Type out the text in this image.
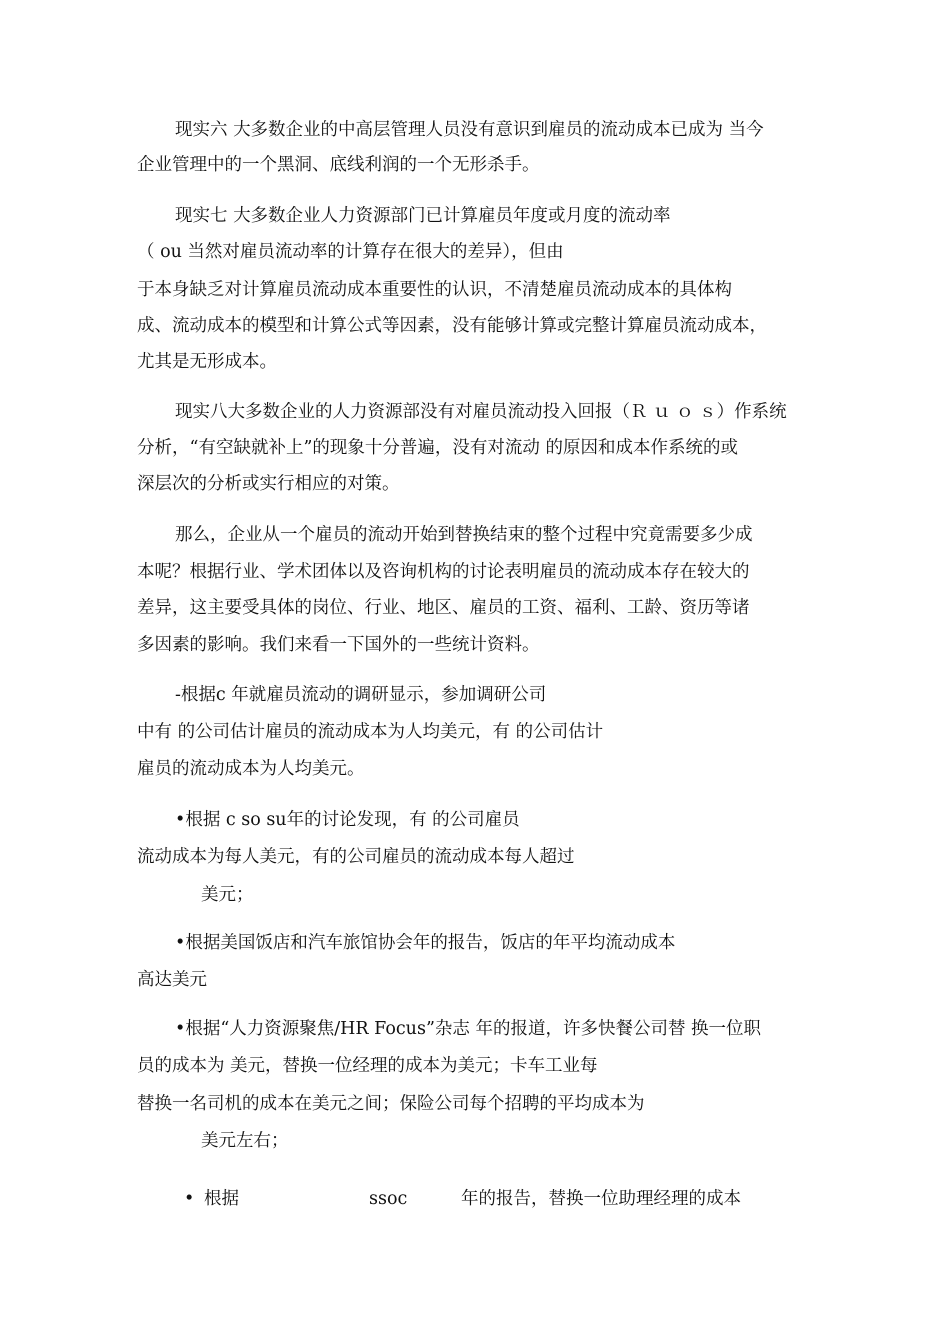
现实六 大多数企业的中高层管理人员没有意识到雇员的流动成本已成为 当今
企业管理中的一个黑洞、底线利润的一个无形杀手。
现实七 大多数企业人力资源部门已计算雇员年度或月度的流动率
（ ou 当然对雇员流动率的计算存在很大的差异），但由
于本身缺乏对计算雇员流动成本重要性的认识，不清楚雇员流动成本的具体构
成、流动成本的模型和计算公式等因素，没有能够计算或完整计算雇员流动成本，
尤其是无形成本。
现实八大多数企业的人力资源部没有对雇员流动投入回报（Ｒ ｕ ｏ ｓ）作系统
分析，“有空缺就补上”的现象十分普遍，没有对流动 的原因和成本作系统的或
深层次的分析或实行相应的对策。
那么，企业从一个雇员的流动开始到替换结束的整个过程中究竟需要多少成
本呢？根据行业、学术团体以及咨询机构的讨论表明雇员的流动成本存在较大的
差异，这主要受具体的岗位、行业、地区、雇员的工资、福利、工龄、资历等诸
多因素的影响。我们来看一下国外的一些统计资料。
-根据c 年就雇员流动的调研显示，参加调研公司
中有 的公司估计雇员的流动成本为人均美元，有 的公司估计
雇员的流动成本为人均美元。
•根据 c so su年的讨论发现，有 的公司雇员
流动成本为每人美元，有的公司雇员的流动成本每人超过
美元；
•根据美国饭店和汽车旅馆协会年的报告，饭店的年平均流动成本
高达美元
•根据“人力资源聚焦/HR Focus”杂志 年的报道，许多快餐公司替 换一位职
员的成本为 美元，替换一位经理的成本为美元；卡车工业每
替换一名司机的成本在美元之间；保险公司每个招聘的平均成本为
美元左右；
• 根据	ssoc	年的报告，替换一位助理经理的成本
